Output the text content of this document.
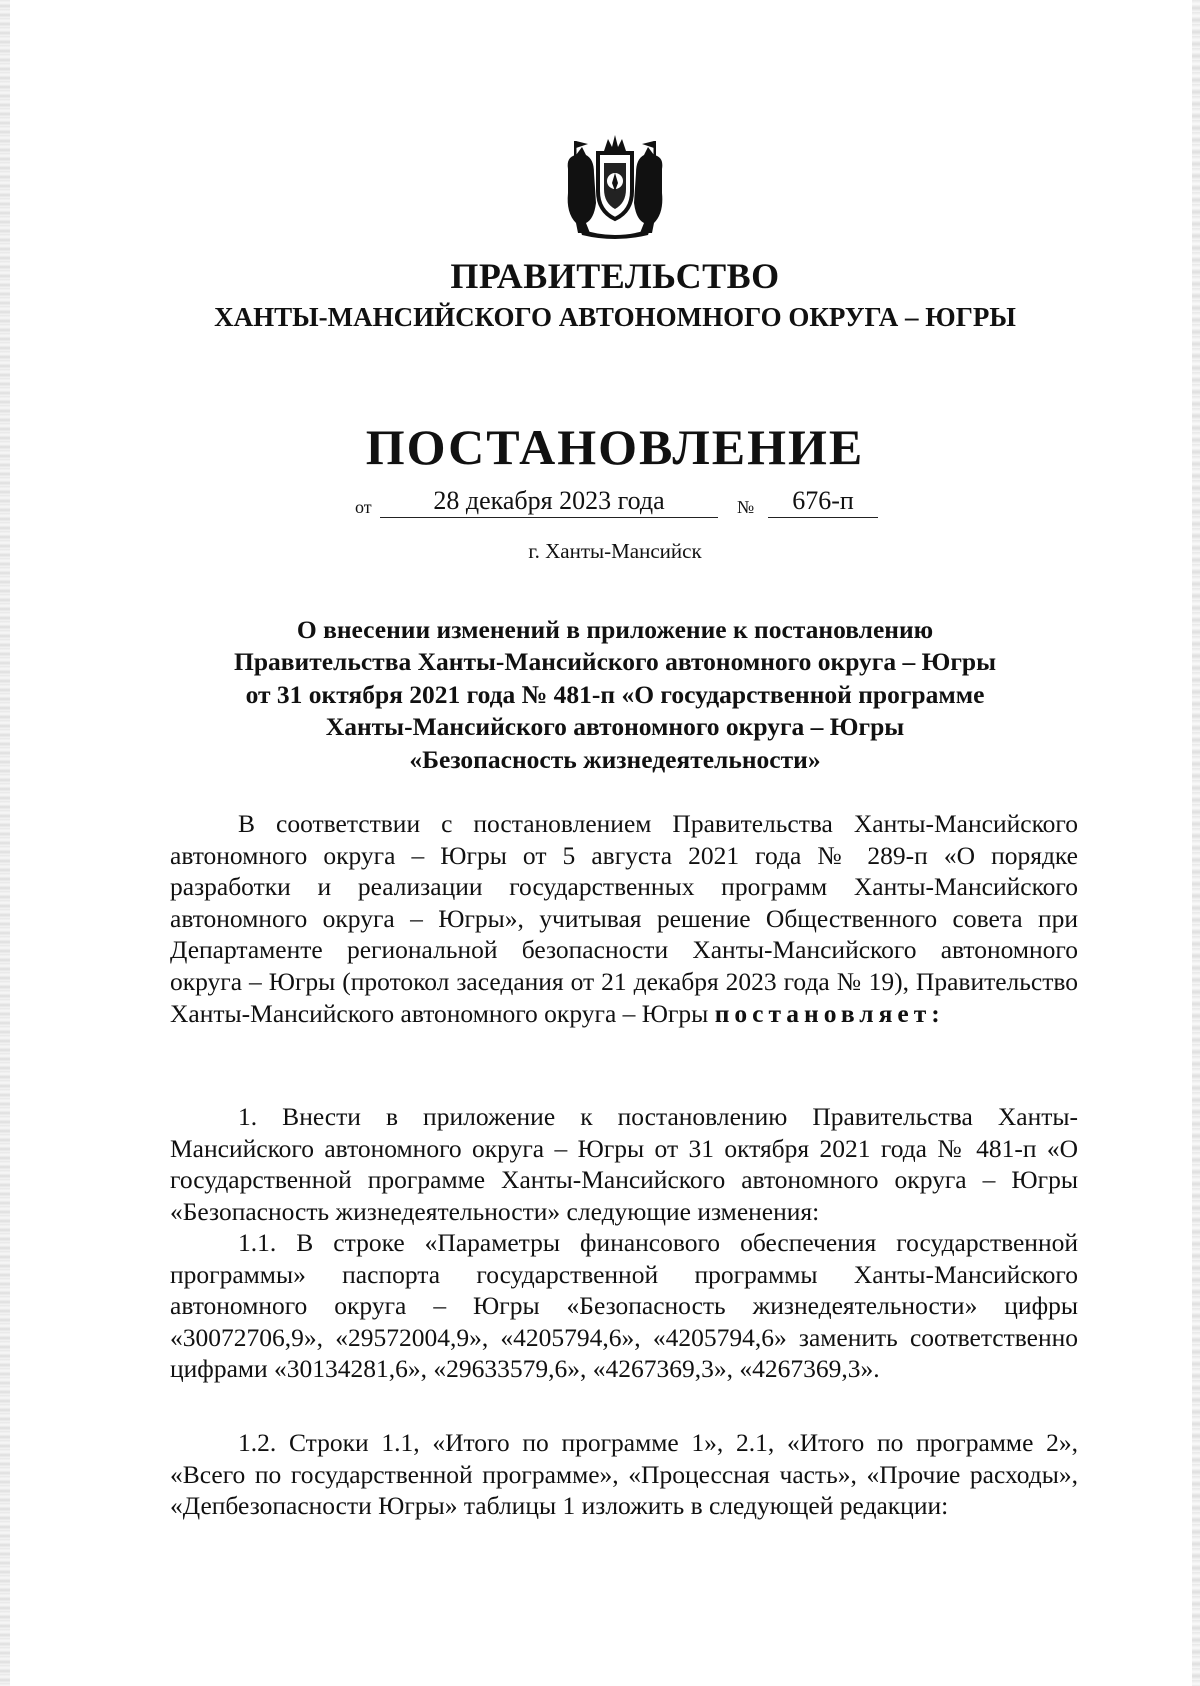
ПРАВИТЕЛЬСТВО
ХАНТЫ-МАНСИЙСКОГО АВТОНОМНОГО ОКРУГА – ЮГРЫ
ПОСТАНОВЛЕНИЕ
от	28 декабря 2023 года	№	676-п
г. Ханты-Мансийск
О внесении изменений в приложение к постановлению
Правительства Ханты-Мансийского автономного округа – Югры
от 31 октября 2021 года № 481-п «О государственной программе
Ханты-Мансийского автономного округа – Югры
«Безопасность жизнедеятельности»
В соответствии с постановлением Правительства Ханты-Мансийского автономного округа – Югры от 5 августа 2021 года № 289-п «О порядке разработки и реализации государственных программ Ханты-Мансийского автономного округа – Югры», учитывая решение Общественного совета при Департаменте региональной безопасности Ханты-Мансийского автономного округа – Югры (протокол заседания от 21 декабря 2023 года № 19), Правительство Ханты-Мансийского автономного округа – Югры постановляет:
1. Внести в приложение к постановлению Правительства Ханты-Мансийского автономного округа – Югры от 31 октября 2021 года № 481-п «О государственной программе Ханты-Мансийского автономного округа – Югры «Безопасность жизнедеятельности» следующие изменения:
1.1. В строке «Параметры финансового обеспечения государственной программы» паспорта государственной программы Ханты-Мансийского автономного округа – Югры «Безопасность жизнедеятельности» цифры «30072706,9», «29572004,9», «4205794,6», «4205794,6» заменить соответственно цифрами «30134281,6», «29633579,6», «4267369,3», «4267369,3».
1.2. Строки 1.1, «Итого по программе 1», 2.1, «Итого по программе 2», «Всего по государственной программе», «Процессная часть», «Прочие расходы», «Депбезопасности Югры» таблицы 1 изложить в следующей редакции:
